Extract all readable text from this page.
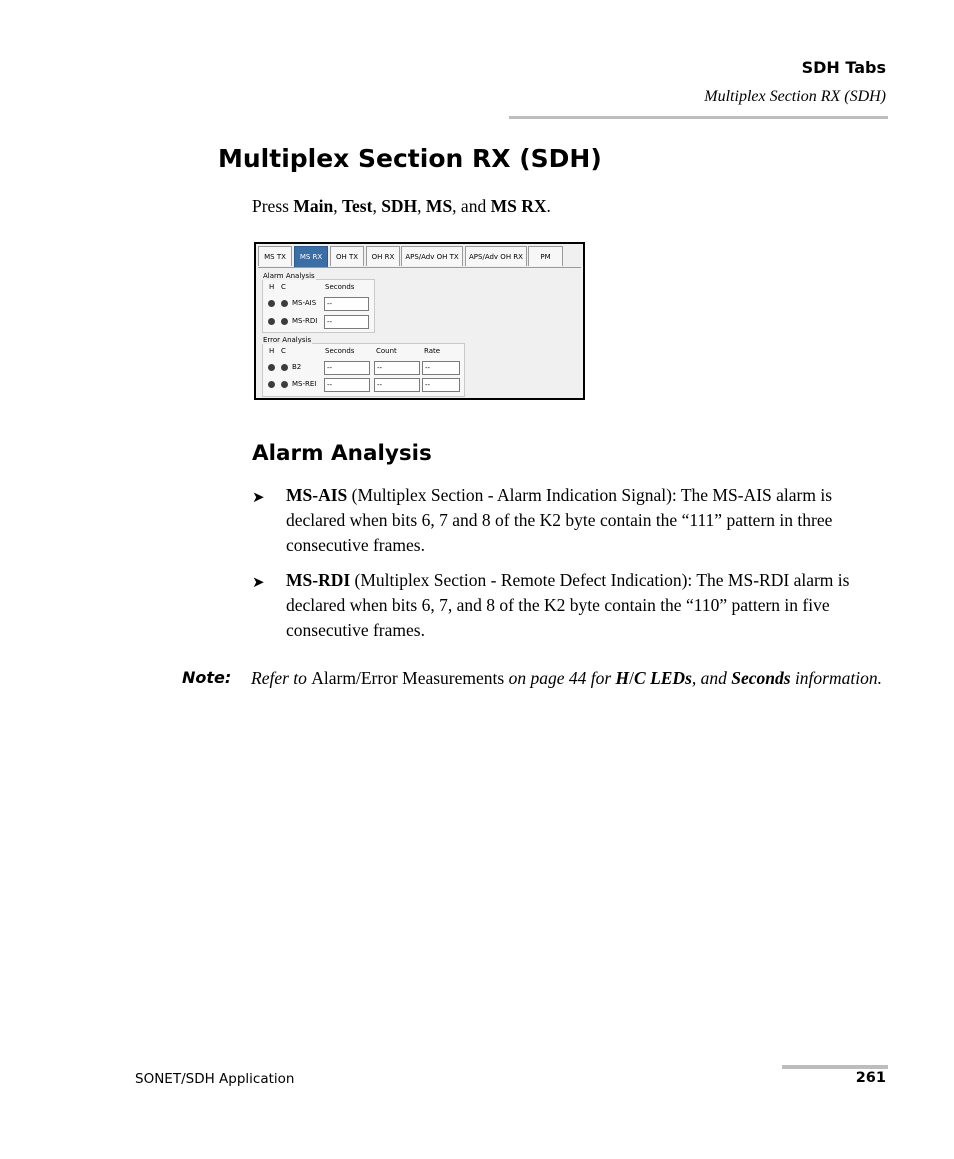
SDH Tabs
Multiplex Section RX (SDH)
Multiplex Section RX (SDH)
Press Main, Test, SDH, MS, and MS RX.
MS TX	MS RX	OH TX	OH RX	APS/Adv OH TX	APS/Adv OH RX	PM
Alarm Analysis
H C	Seconds
MS-AIS	--
MS-RDI	--
Error Analysis
H C	Seconds	Count	Rate
B2	--	--	--
MS-REI	--	--	--
Alarm Analysis
➤ MS-AIS (Multiplex Section - Alarm Indication Signal): The MS-AIS alarm is declared when bits 6, 7 and 8 of the K2 byte contain the “111” pattern in three consecutive frames.
➤ MS-RDI (Multiplex Section - Remote Defect Indication): The MS-RDI alarm is declared when bits 6, 7, and 8 of the K2 byte contain the “110” pattern in five consecutive frames.
Note: Refer to Alarm/Error Measurements on page 44 for H/C LEDs, and Seconds information.
SONET/SDH Application	261
